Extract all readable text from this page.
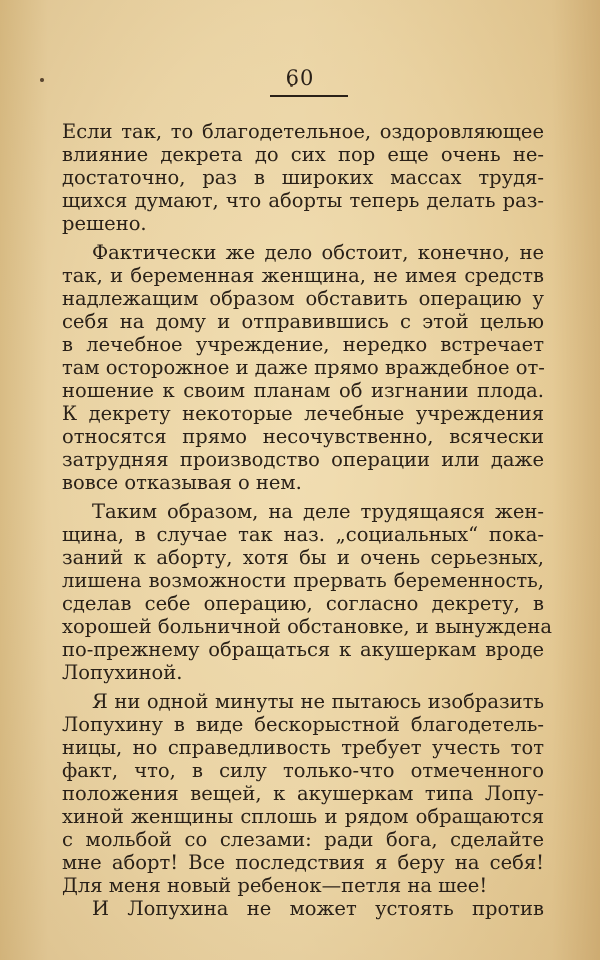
60
Если так, то благодетельное, оздоровляющее
влияние декрета до сих пор еще очень не-
достаточно, раз в широких массах трудя-
щихся думают, что аборты теперь делать раз-
решено.
Фактически же дело обстоит, конечно, не
так, и беременная женщина, не имея средств
надлежащим образом обставить операцию у
себя на дому и отправившись с этой целью
в лечебное учреждение, нередко встречает
там осторожное и даже прямо враждебное от-
ношение к своим планам об изгнании плода.
К декрету некоторые лечебные учреждения
относятся прямо несочувственно, всячески
затрудняя производство операции или даже
вовсе отказывая о нем.
Таким образом, на деле трудящаяся жен-
щина, в случае так наз. „социальных“ пока-
заний к аборту, хотя бы и очень серьезных,
лишена возможности прервать беременность,
сделав себе операцию, согласно декрету, в
хорошей больничной обстановке, и вынуждена
по-прежнему обращаться к акушеркам вроде
Лопухиной.
Я ни одной минуты не пытаюсь изобразить
Лопухину в виде бескорыстной благодетель-
ницы, но справедливость требует учесть тот
факт, что, в силу только-что отмеченного
положения вещей, к акушеркам типа Лопу-
хиной женщины сплошь и рядом обращаются
с мольбой со слезами: ради бога, сделайте
мне аборт! Все последствия я беру на себя!
Для меня новый ребенок—петля на шее!
И Лопухина не может устоять против
